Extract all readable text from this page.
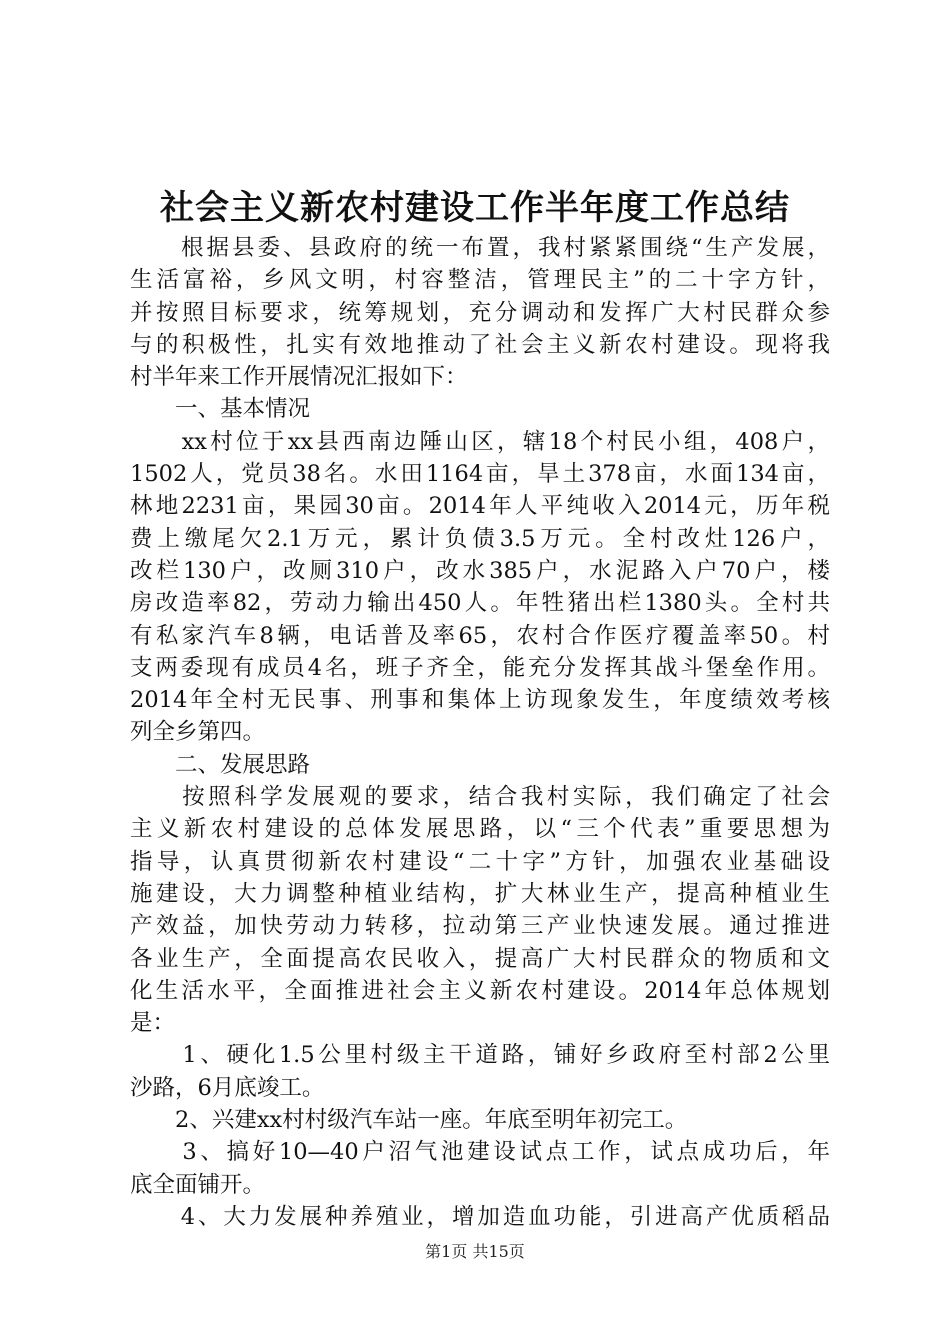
社会主义新农村建设工作半年度工作总结
　　根据县委、县政府的统一布置，我村紧紧围绕“生产发展，
生活富裕，乡风文明，村容整洁，管理民主”的二十字方针，
并按照目标要求，统筹规划，充分调动和发挥广大村民群众参
与的积极性，扎实有效地推动了社会主义新农村建设。现将我
村半年来工作开展情况汇报如下：
　　一、基本情况
　　xx村位于xx县西南边陲山区，辖18个村民小组，408户，
1502人，党员38名。水田1164亩，旱土378亩，水面134亩，
林地2231亩，果园30亩。2014年人平纯收入2014元，历年税
费上缴尾欠2.1万元，累计负债3.5万元。全村改灶126户，
改栏130户，改厕310户，改水385户，水泥路入户70户，楼
房改造率82，劳动力输出450人。年牲猪出栏1380头。全村共
有私家汽车8辆，电话普及率65，农村合作医疗覆盖率50。村
支两委现有成员4名，班子齐全，能充分发挥其战斗堡垒作用。
2014年全村无民事、刑事和集体上访现象发生，年度绩效考核
列全乡第四。
　　二、发展思路
　　按照科学发展观的要求，结合我村实际，我们确定了社会
主义新农村建设的总体发展思路，以“三个代表”重要思想为
指导，认真贯彻新农村建设“二十字”方针，加强农业基础设
施建设，大力调整种植业结构，扩大林业生产，提高种植业生
产效益，加快劳动力转移，拉动第三产业快速发展。通过推进
各业生产，全面提高农民收入，提高广大村民群众的物质和文
化生活水平，全面推进社会主义新农村建设。2014年总体规划
是：
　　1、硬化1.5公里村级主干道路，铺好乡政府至村部2公里
沙路，6月底竣工。
　　2、兴建xx村村级汽车站一座。年底至明年初完工。
　　3、搞好10—40户沼气池建设试点工作，试点成功后，年
底全面铺开。
　　4、大力发展种养殖业，增加造血功能，引进高产优质稻品
第1页 共15页
